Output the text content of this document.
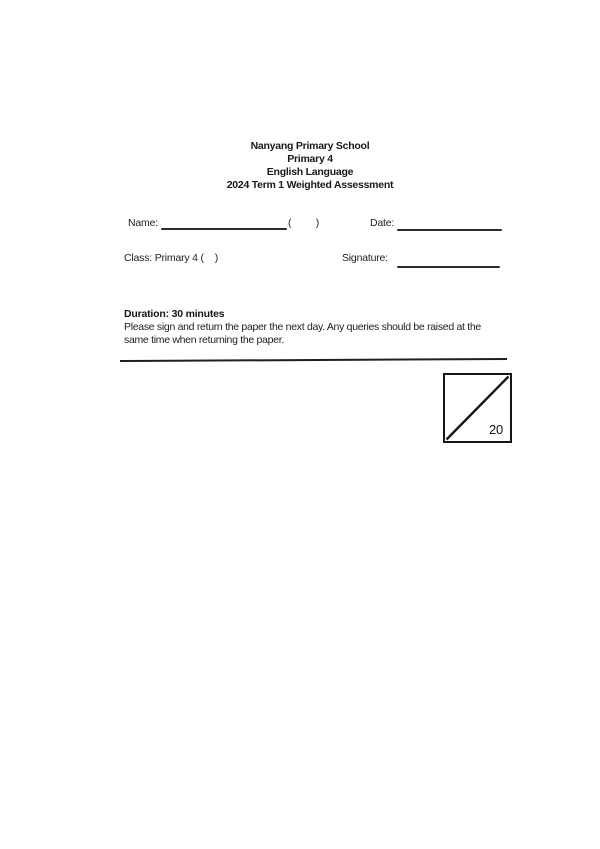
Nanyang Primary School
Primary 4
English Language
2024 Term 1 Weighted Assessment
Name:	(         )	Date:
Class: Primary 4 (    )	Signature:
Duration: 30 minutes
Please sign and return the paper the next day. Any queries should be raised at the
same time when returning the paper.
20
